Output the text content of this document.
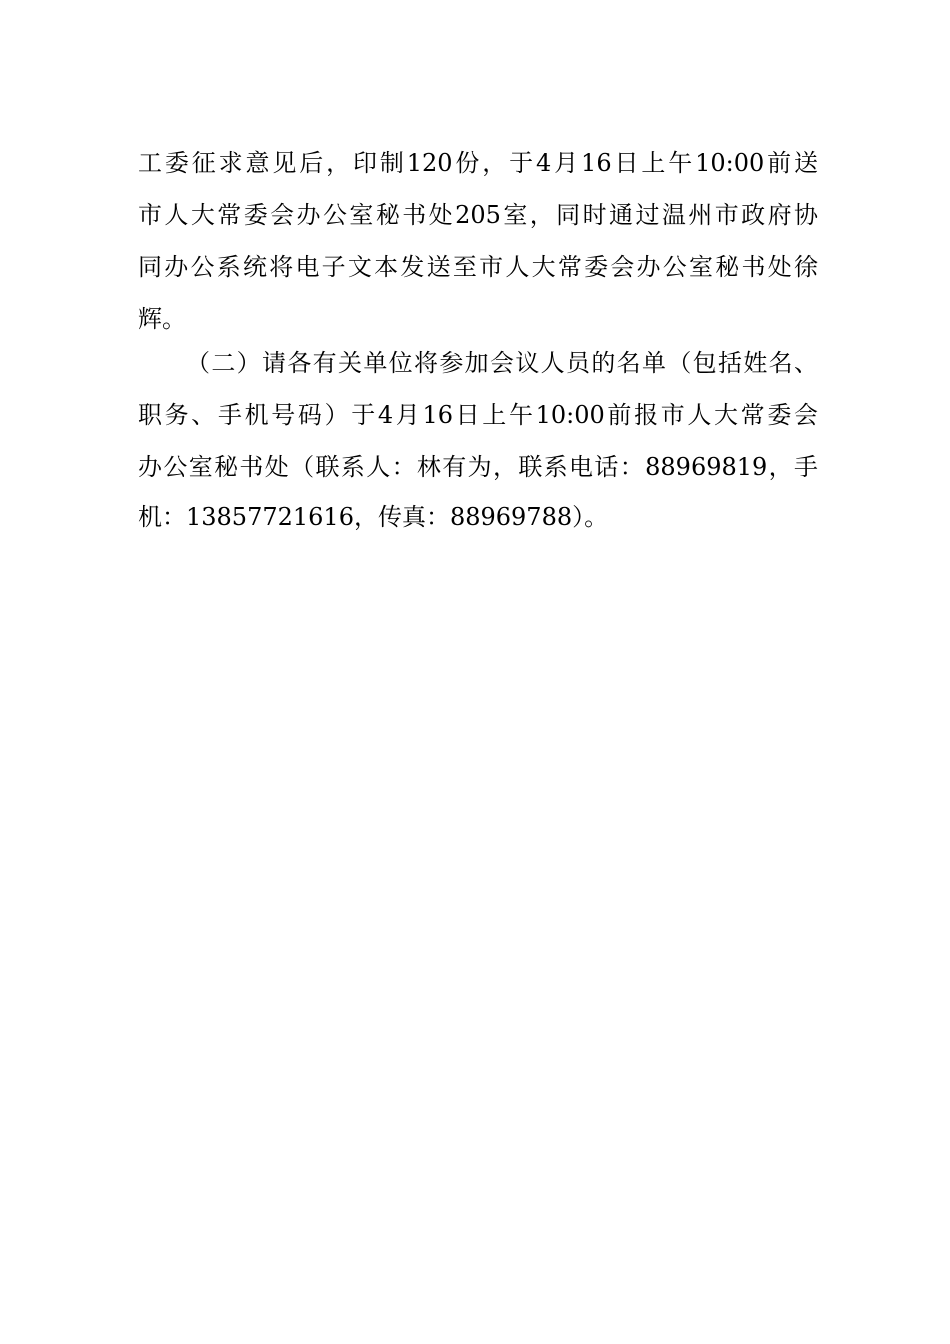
工委征求意见后，印制120份，于4月16日上午10:00前送
市人大常委会办公室秘书处205室，同时通过温州市政府协
同办公系统将电子文本发送至市人大常委会办公室秘书处徐
辉。
（二）请各有关单位将参加会议人员的名单（包括姓名、
职务、手机号码）于4月16日上午10:00前报市人大常委会
办公室秘书处（联系人：林有为，联系电话：88969819，手
机：13857721616，传真：88969788）。
